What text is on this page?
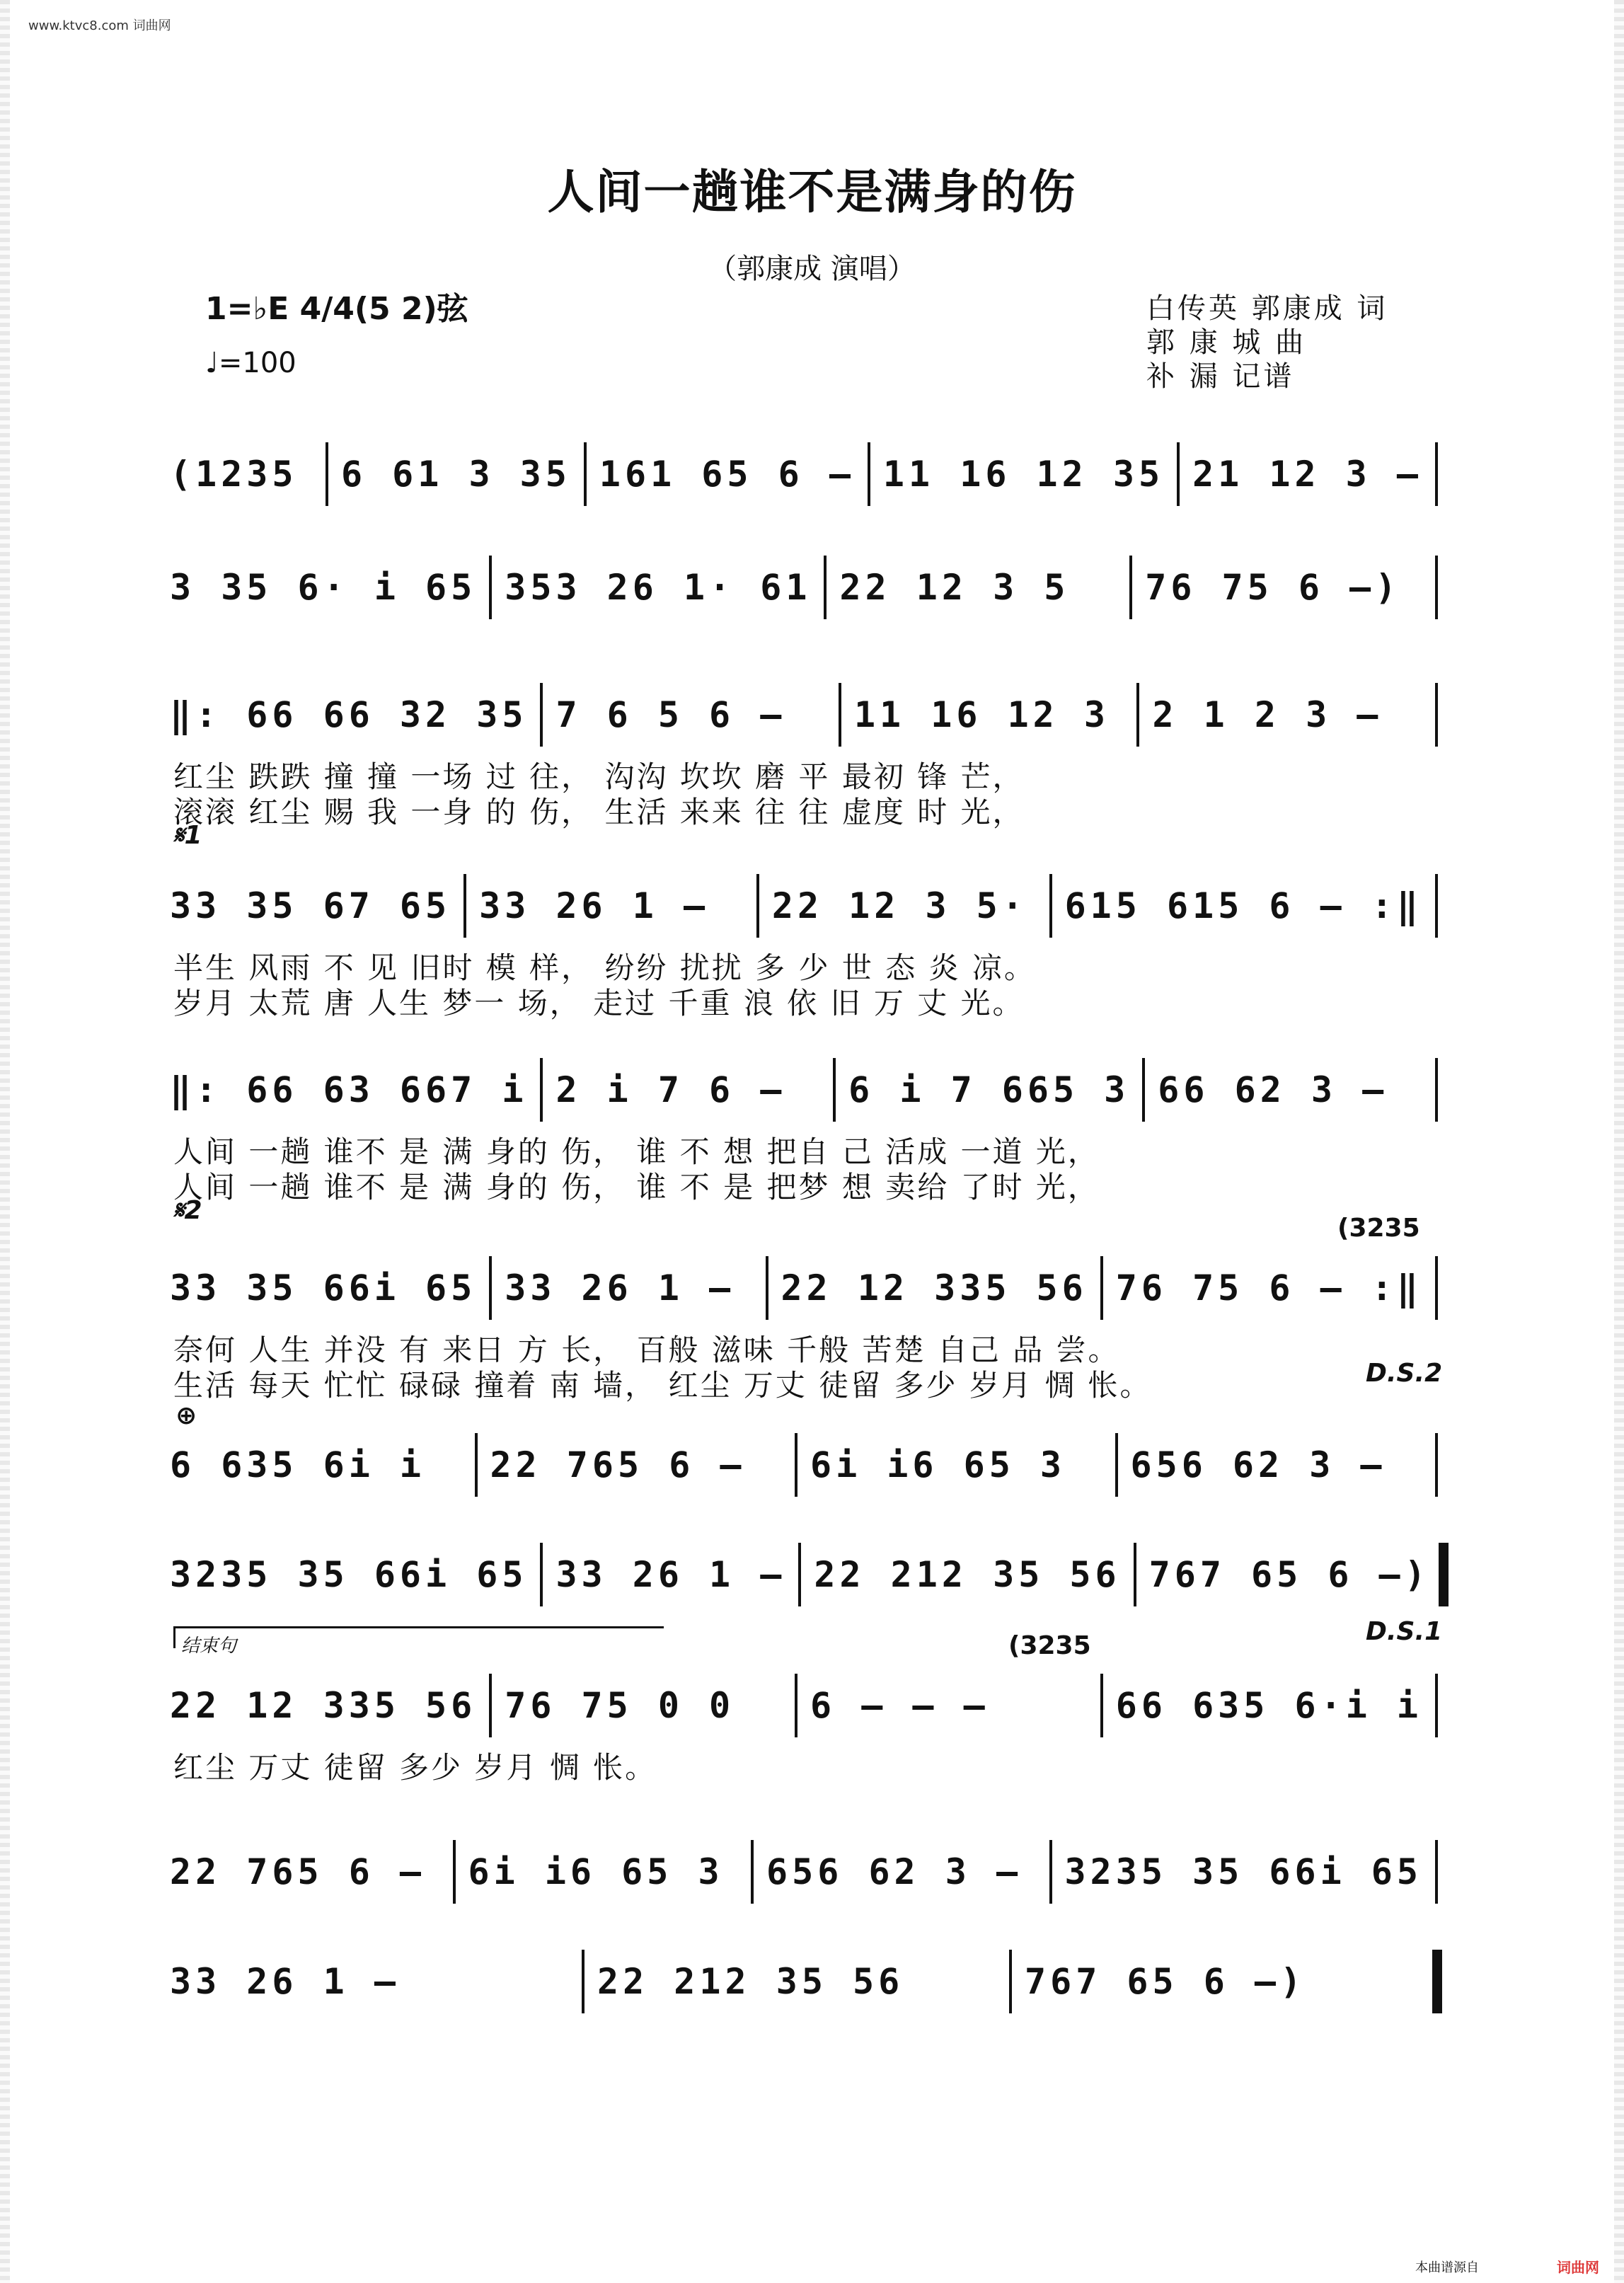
www.ktvc8.com 词曲网
人间一趟谁不是满身的伤
（郭康成 演唱）
1=♭E 4/4(5 2)弦
♩=100
白传英 郭康成 词
郭 康 城 曲
补 漏 记谱
(1235	6 61 3 35 161 65 6 – 11 16 12 35 21 12 3 –
3 35 6· i 65 353 26 1· 61 22 12 3 5	76 75 6 –)
‖: 66 66 32 35 7 6 5 6 –	11 16 12 3	2 1 2 3 –
红尘 跌跌 撞 撞 一场 过 往， 沟沟 坎坎 磨 平 最初 锋 芒，
滚滚 红尘 赐 我 一身 的 伤， 生活 来来 往 往 虚度 时 光，
𝄋1
33 35 67 65 33 26 1 –	22 12 3 5· 615 615 6 – :‖
半生 风雨 不 见 旧时 模 样， 纷纷 扰扰 多 少 世 态 炎 凉。
岁月 太荒 唐 人生 梦一 场， 走过 千重 浪 依 旧 万 丈 光。
‖: 66 63 667 i 2 i 7 6 –	6 i 7 665 3 66 62 3 –
人间 一趟 谁不 是 满 身的 伤， 谁 不 想 把自 己 活成 一道 光，
人间 一趟 谁不 是 满 身的 伤， 谁 不 是 把梦 想 卖给 了时 光，
𝄋2
33 35 66i 65 33 26 1 –	22 12 335 56 76 75 6 – :‖
奈何 人生 并没 有 来日 方 长， 百般 滋味 千般 苦楚 自己 品 尝。
生活 每天 忙忙 碌碌 撞着 南 墙， 红尘 万丈 徒留 多少 岁月 惆 怅。	D.S.2
(3235
6 635 6i i	22 765 6 –	6i i6 65 3	656 62 3 –
⊕
3235 35 66i 65 33 26 1 – 22 212 35 56 767 65 6 –)
D.S.1
22 12 335 56 76 75 0 0	6 – – –	66 635 6·i i
红尘 万丈 徒留 多少 岁月 惆 怅。
(3235
结束句
22 765 6 –	6i i6 65 3	656 62 3 –	3235 35 66i 65
33 26 1 –	22 212 35 56	767 65 6 –)
本曲谱源自	词曲网
